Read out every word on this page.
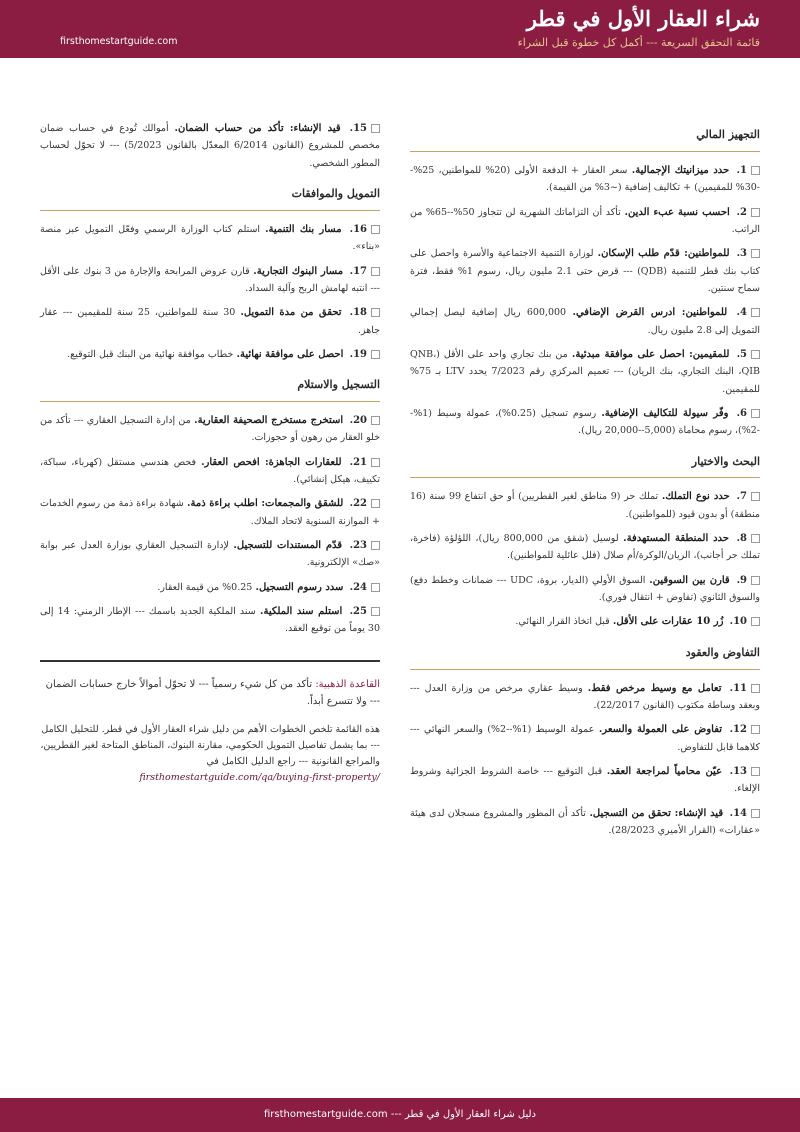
شراء العقار الأول في قطر
قائمة التحقق السريعة --- أكمل كل خطوة قبل الشراء
firsthomestartguide.com
التجهيز المالي
1. حدد ميزانيتك الإجمالية. سعر العقار + الدفعة الأولى (20% للمواطنين، 25%--30% للمقيمين) + تكاليف إضافية (~3% من القيمة).
2. احسب نسبة عبء الدين. تأكد أن التزاماتك الشهرية لن تتجاوز 50%--65% من الراتب.
3. للمواطنين: قدّم طلب الإسكان. لوزارة التنمية الاجتماعية والأسرة واحصل على كتاب بنك قطر للتنمية (QDB) --- قرض حتى 2.1 مليون ريال، رسوم 1% فقط، فترة سماح سنتين.
4. للمواطنين: ادرس القرض الإضافي. 600,000 ريال إضافية ليصل إجمالي التمويل إلى 2.8 مليون ريال.
5. للمقيمين: احصل على موافقة مبدئية. من بنك تجاري واحد على الأقل (QNB، QIB، البنك التجاري، بنك الريان) --- تعميم المركزي رقم 7/2023 يحدد LTV بـ 75% للمقيمين.
6. وفّر سيولة للتكاليف الإضافية. رسوم تسجيل (0.25%)، عمولة وسيط (1%--2%)، رسوم محاماة (5,000--20,000 ريال).
البحث والاختيار
7. حدد نوع التملك. تملك حر (9 مناطق لغير القطريين) أو حق انتفاع 99 سنة (16 منطقة) أو بدون قيود (للمواطنين).
8. حدد المنطقة المستهدفة. لوسيل (شقق من 800,000 ريال)، اللؤلؤة (فاخرة، تملك حر أجانب)، الريان/الوكرة/أم صلال (فلل عائلية للمواطنين).
9. قارن بين السوقين. السوق الأولي (الديار، بروة، UDC --- ضمانات وخطط دفع) والسوق الثانوي (تفاوض + انتقال فوري).
10. زُر 10 عقارات على الأقل. قبل اتخاذ القرار النهائي.
التفاوض والعقود
11. تعامل مع وسيط مرخص فقط. وسيط عقاري مرخص من وزارة العدل --- وبعقد وساطة مكتوب (القانون 22/2017).
12. تفاوض على العمولة والسعر. عمولة الوسيط (1%--2%) والسعر النهائي --- كلاهما قابل للتفاوض.
13. عيّن محامياً لمراجعة العقد. قبل التوقيع --- خاصة الشروط الجزائية وشروط الإلغاء.
14. قيد الإنشاء: تحقق من التسجيل. تأكد أن المطور والمشروع مسجلان لدى هيئة «عقارات» (القرار الأميري 28/2023).
15. قيد الإنشاء: تأكد من حساب الضمان. أموالك تُودع في حساب ضمان مخصص للمشروع (القانون 6/2014 المعدّل بالقانون 5/2023) --- لا تحوّل لحساب المطور الشخصي.
التمويل والموافقات
16. مسار بنك التنمية. استلم كتاب الوزارة الرسمي وفعّل التمويل عبر منصة «بناء».
17. مسار البنوك التجارية. قارن عروض المرابحة والإجارة من 3 بنوك على الأقل --- انتبه لهامش الربح وآلية السداد.
18. تحقق من مدة التمويل. 30 سنة للمواطنين، 25 سنة للمقيمين --- عقار جاهز.
19. احصل على موافقة نهائية. خطاب موافقة نهائية من البنك قبل التوقيع.
التسجيل والاستلام
20. استخرج مستخرج الصحيفة العقارية. من إدارة التسجيل العقاري --- تأكد من خلو العقار من رهون أو حجوزات.
21. للعقارات الجاهزة: افحص العقار. فحص هندسي مستقل (كهرباء، سباكة، تكييف، هيكل إنشائي).
22. للشقق والمجمعات: اطلب براءة ذمة. شهادة براءة ذمة من رسوم الخدمات + الموازنة السنوية لاتحاد الملاك.
23. قدّم المستندات للتسجيل. لإدارة التسجيل العقاري بوزارة العدل عبر بوابة «صك» الإلكترونية.
24. سدد رسوم التسجيل. 0.25% من قيمة العقار.
25. استلم سند الملكية. سند الملكية الجديد باسمك --- الإطار الزمني: 14 إلى 30 يوماً من توقيع العقد.
القاعدة الذهبية: تأكد من كل شيء رسمياً --- لا تحوّل أموالاً خارج حسابات الضمان --- ولا تتسرع أبداً.
هذه القائمة تلخص الخطوات الأهم من دليل شراء العقار الأول في قطر. للتحليل الكامل --- بما يشمل تفاصيل التمويل الحكومي، مقارنة البنوك، المناطق المتاحة لغير القطريين، والمراجع القانونية --- راجع الدليل الكامل في firsthomestartguide.com/qa/buying-first-property/
دليل شراء العقار الأول في قطر --- firsthomestartguide.com
